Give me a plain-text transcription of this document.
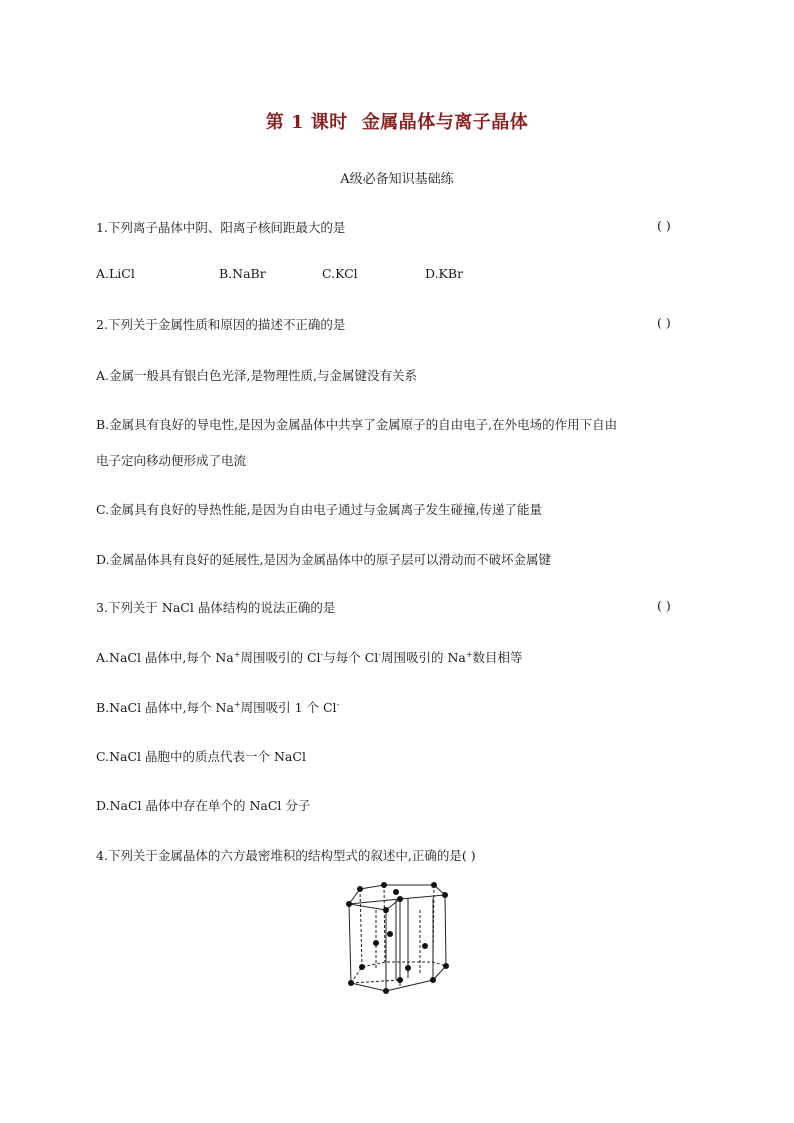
第 1 课时 金属晶体与离子晶体
A级必备知识基础练
1.下列离子晶体中阴、阳离子核间距最大的是	( )
A.LiCl	B.NaBr	C.KCl	D.KBr
2.下列关于金属性质和原因的描述不正确的是	( )
A.金属一般具有银白色光泽,是物理性质,与金属键没有关系
B.金属具有良好的导电性,是因为金属晶体中共享了金属原子的自由电子,在外电场的作用下自由
电子定向移动便形成了电流
C.金属具有良好的导热性能,是因为自由电子通过与金属离子发生碰撞,传递了能量
D.金属晶体具有良好的延展性,是因为金属晶体中的原子层可以滑动而不破坏金属键
3.下列关于 NaCl 晶体结构的说法正确的是	( )
A.NaCl 晶体中,每个 Na+周围吸引的 Cl-与每个 Cl-周围吸引的 Na+数目相等
B.NaCl 晶体中,每个 Na+周围吸引 1 个 Cl-
C.NaCl 晶胞中的质点代表一个 NaCl
D.NaCl 晶体中存在单个的 NaCl 分子
4.下列关于金属晶体的六方最密堆积的结构型式的叙述中,正确的是( )
